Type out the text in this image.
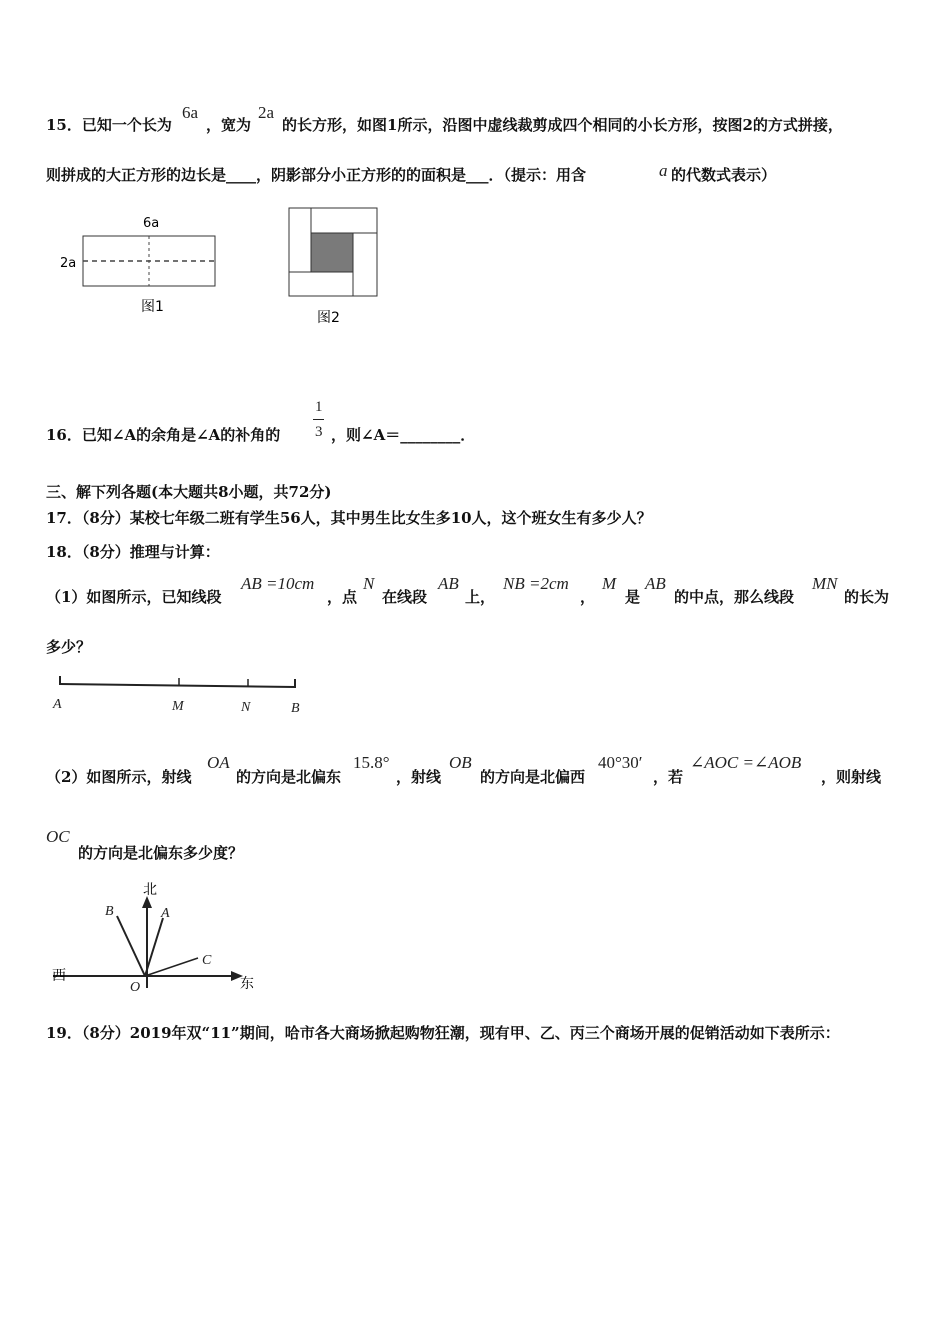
15．已知一个长为
6a
，宽为
2a
的长方形，如图1所示，沿图中虚线裁剪成四个相同的小长方形，按图2的方式拼接，
则拼成的大正方形的边长是____，阴影部分小正方形的的面积是___．（提示：用含	a 的代数式表示）
6a
2a
图1
图2
16．已知∠A的余角是∠A的补角的
1
3 ，则∠A＝________．
三、解下列各题(本大题共8小题，共72分)
17．（8分）某校七年级二班有学生56人，其中男生比女生多10人，这个班女生有多少人？
18．（8分）推理与计算：
（1）如图所示，已知线段
AB =10cm
，点
N
在线段
AB
上，
NB =2cm
，
M
是
AB
的中点，那么线段
MN
的长为
多少？
A	M	N	B
（2）如图所示，射线
OA
的方向是北偏东
15.8°
，射线
OB
的方向是北偏西
40°30′
，若
∠AOC =∠AOB
，则射线
OC
的方向是北偏东多少度？
北
西	东
B	A
C
O
19．（8分）2019年双“11”期间，哈市各大商场掀起购物狂潮，现有甲、乙、丙三个商场开展的促销活动如下表所示：
